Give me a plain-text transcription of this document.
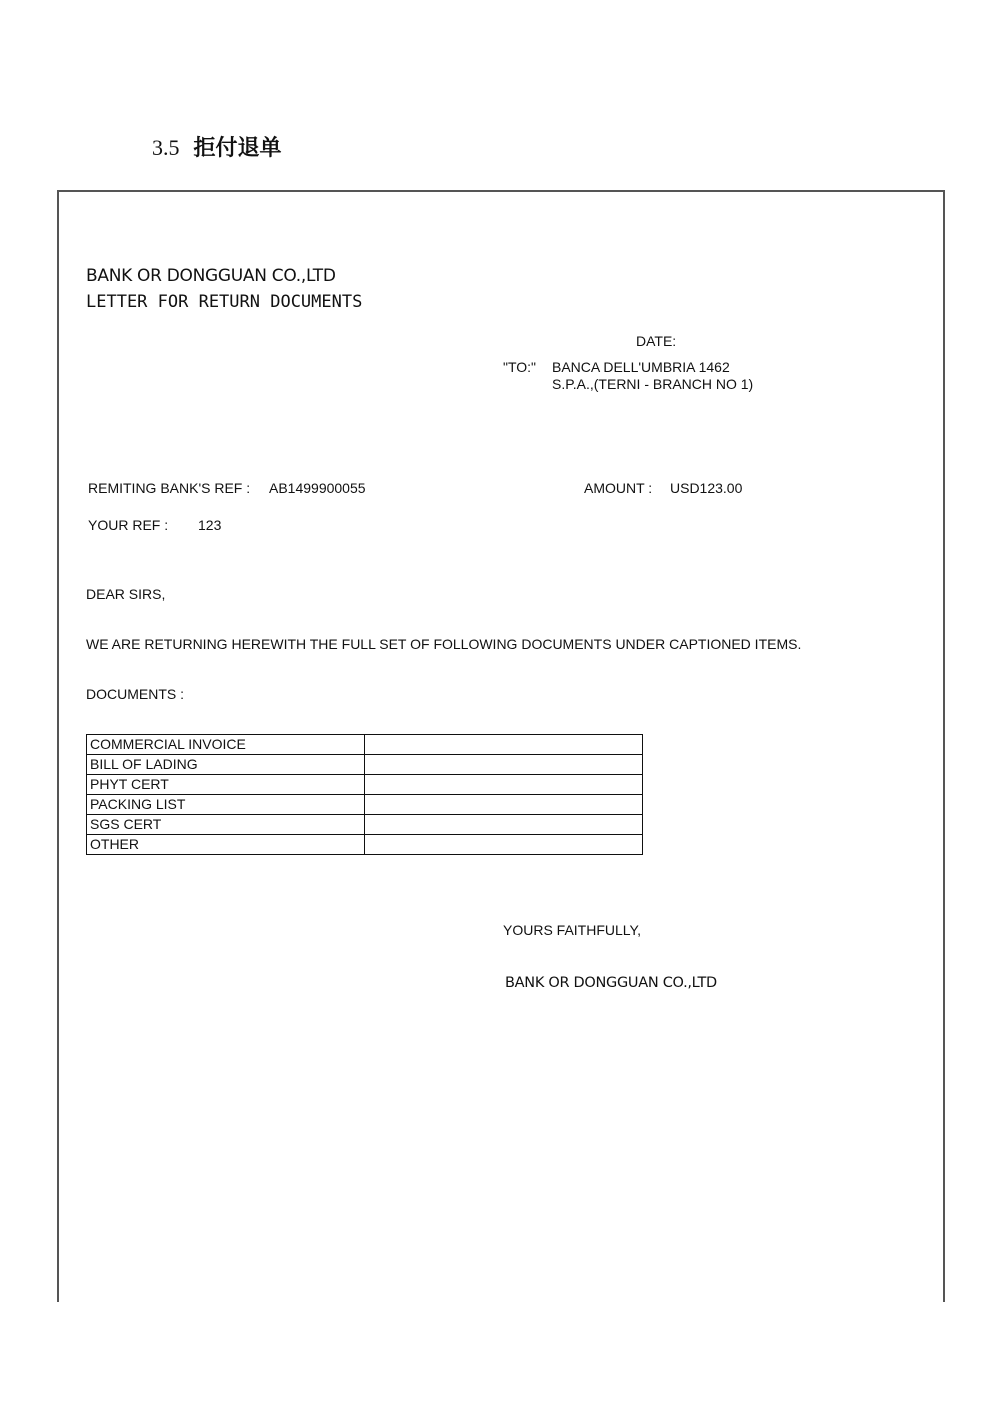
3.5 拒付退单
BANK OR DONGGUAN CO.,LTD
LETTER FOR RETURN DOCUMENTS
DATE:
"TO:" BANCA DELL'UMBRIA 1462
S.P.A.,(TERNI - BRANCH NO 1)
REMITING BANK'S REF : AB1499900055	AMOUNT : USD123.00
YOUR REF : 123
DEAR SIRS,
WE ARE RETURNING HEREWITH THE FULL SET OF FOLLOWING DOCUMENTS UNDER CAPTIONED ITEMS.
DOCUMENTS :
COMMERCIAL INVOICE	
BILL OF LADING	
PHYT CERT	
PACKING LIST	
SGS CERT	
OTHER	
YOURS FAITHFULLY,
BANK OR DONGGUAN CO.,LTD
